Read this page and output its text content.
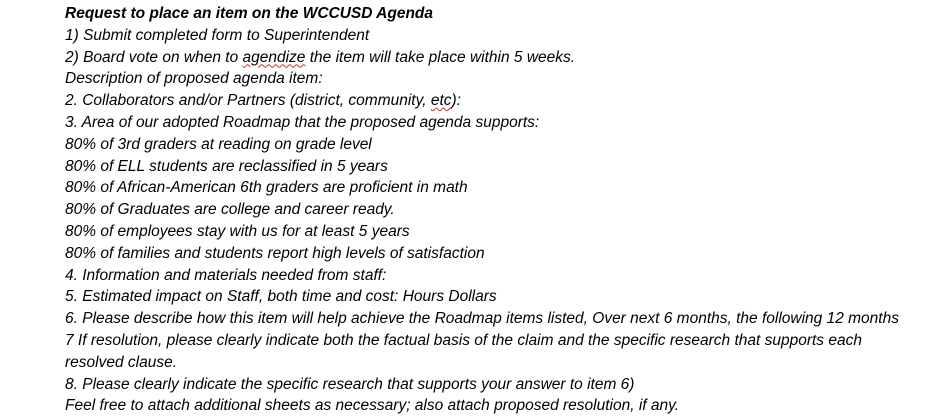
Request to place an item on the WCCUSD Agenda
1) Submit completed form to Superintendent
2) Board vote on when to agendize the item will take place within 5 weeks.
Description of proposed agenda item:
2. Collaborators and/or Partners (district, community, etc):
3. Area of our adopted Roadmap that the proposed agenda supports:
80% of 3rd graders at reading on grade level
80% of ELL students are reclassified in 5 years
80% of African-American 6th graders are proficient in math
80% of Graduates are college and career ready.
80% of employees stay with us for at least 5 years
80% of families and students report high levels of satisfaction
4. Information and materials needed from staff:
5. Estimated impact on Staff, both time and cost: Hours Dollars
6. Please describe how this item will help achieve the Roadmap items listed, Over next 6 months, the following 12 months
7 If resolution, please clearly indicate both the factual basis of the claim and the specific research that supports each
resolved clause.
8. Please clearly indicate the specific research that supports your answer to item 6)
Feel free to attach additional sheets as necessary; also attach proposed resolution, if any.
